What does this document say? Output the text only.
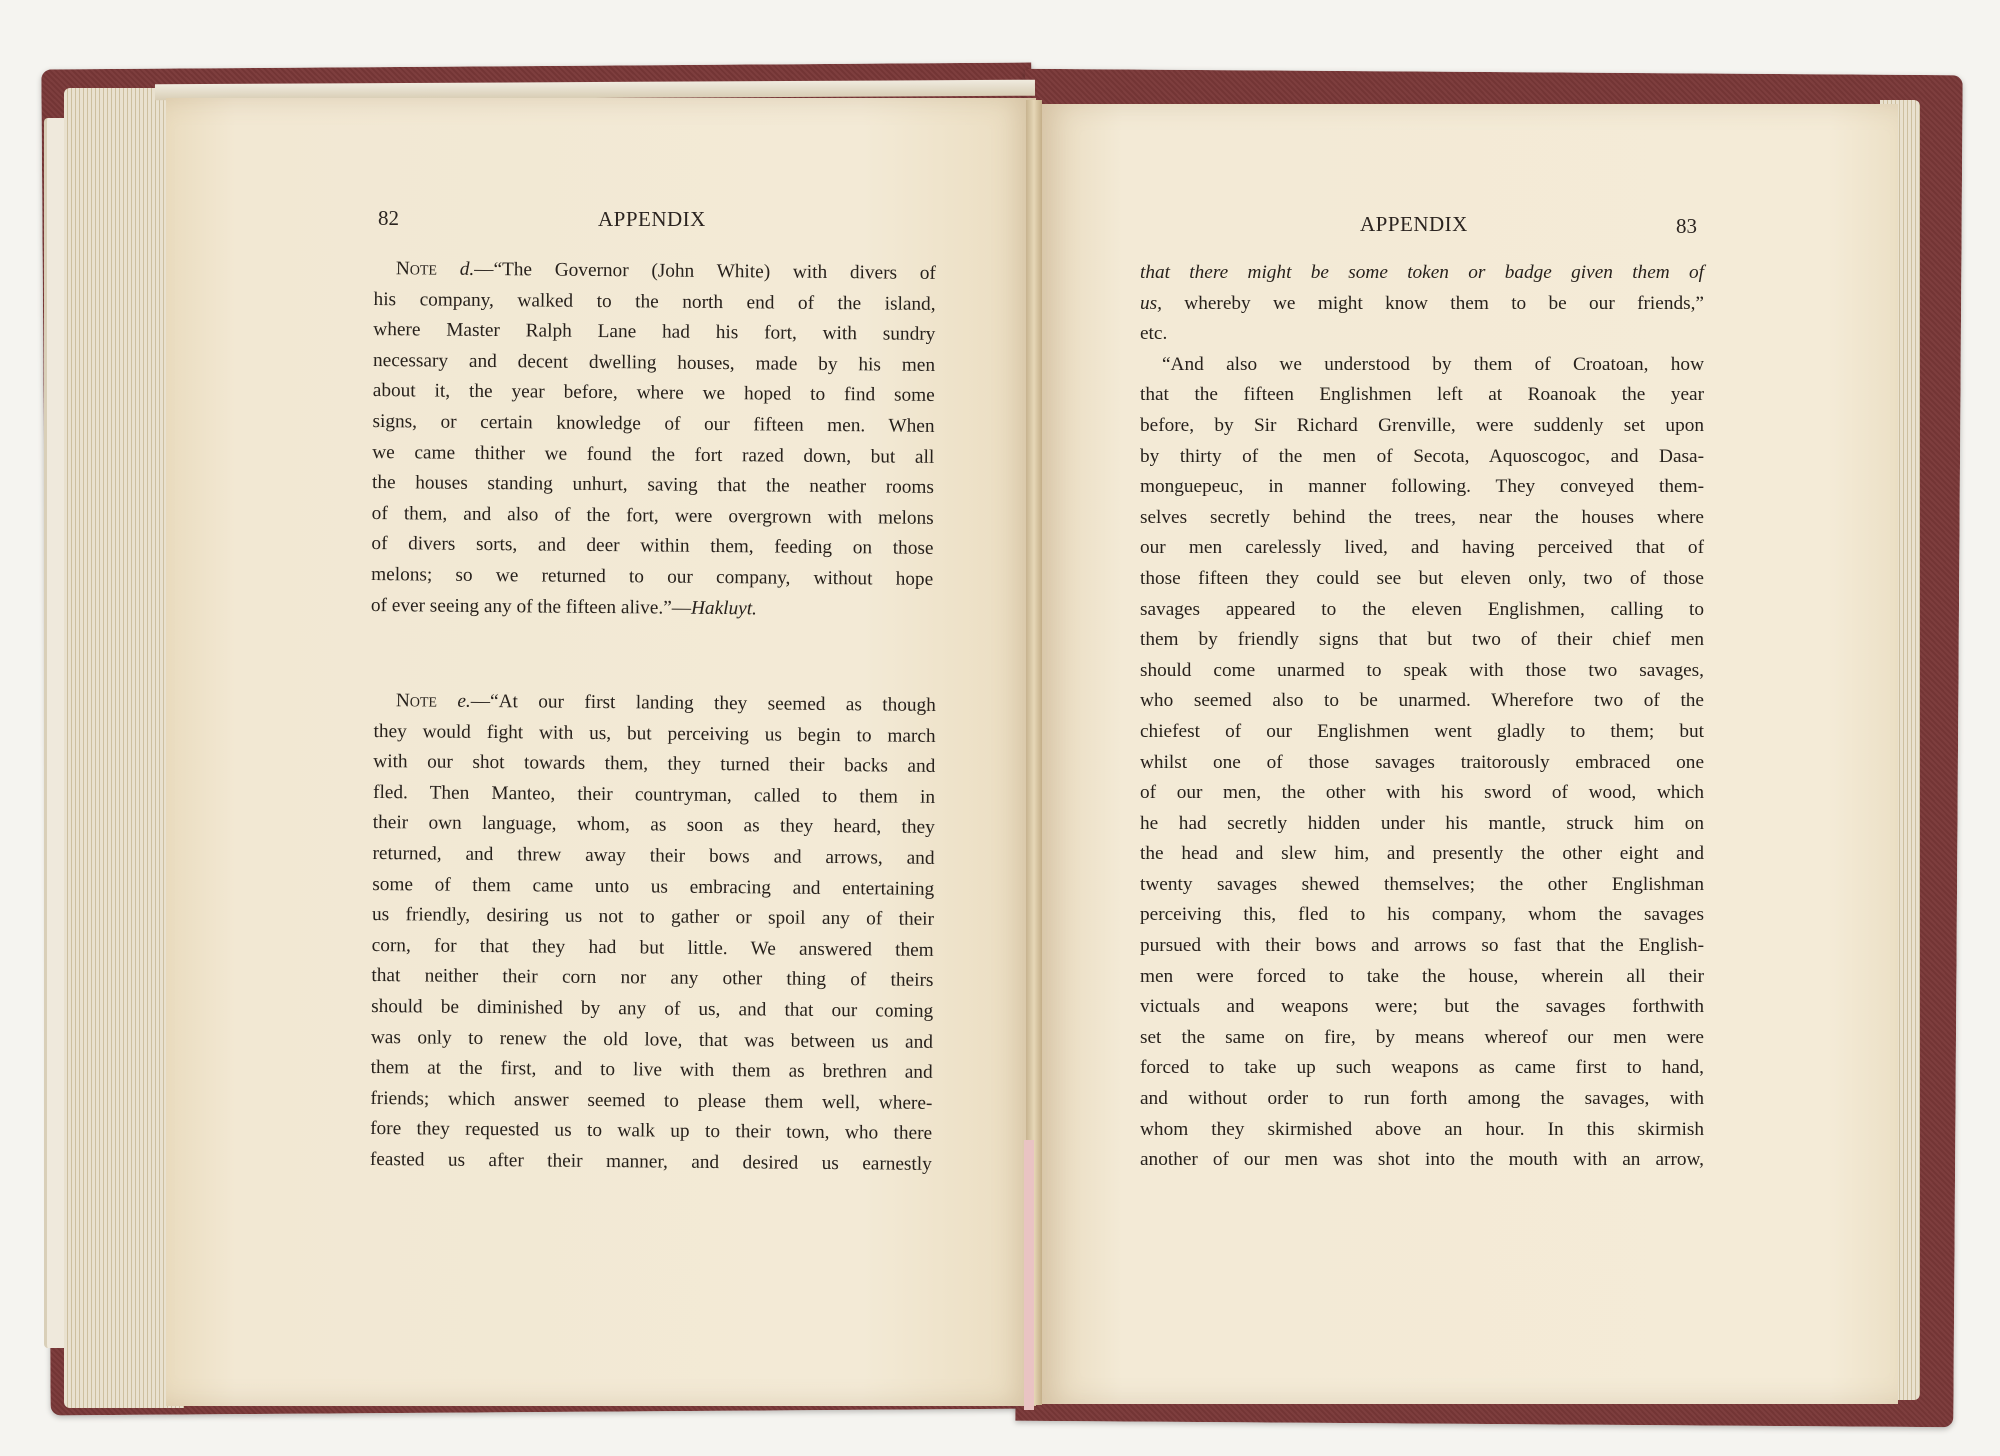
82	APPENDIX	APPENDIX	83
Note d.—“The Governor (John White) with divers of
his company, walked to the north end of the island,
where Master Ralph Lane had his fort, with sundry
necessary and decent dwelling houses, made by his men
about it, the year before, where we hoped to find some
signs, or certain knowledge of our fifteen men. When
we came thither we found the fort razed down, but all
the houses standing unhurt, saving that the neather rooms
of them, and also of the fort, were overgrown with melons
of divers sorts, and deer within them, feeding on those
melons; so we returned to our company, without hope
of ever seeing any of the fifteen alive.”—Hakluyt.
Note e.—“At our first landing they seemed as though
they would fight with us, but perceiving us begin to march
with our shot towards them, they turned their backs and
fled. Then Manteo, their countryman, called to them in
their own language, whom, as soon as they heard, they
returned, and threw away their bows and arrows, and
some of them came unto us embracing and entertaining
us friendly, desiring us not to gather or spoil any of their
corn, for that they had but little. We answered them
that neither their corn nor any other thing of theirs
should be diminished by any of us, and that our coming
was only to renew the old love, that was between us and
them at the first, and to live with them as brethren and
friends; which answer seemed to please them well, where-
fore they requested us to walk up to their town, who there
feasted us after their manner, and desired us earnestly
that there might be some token or badge given them of
us, whereby we might know them to be our friends,”
etc.
“And also we understood by them of Croatoan, how
that the fifteen Englishmen left at Roanoak the year
before, by Sir Richard Grenville, were suddenly set upon
by thirty of the men of Secota, Aquoscogoc, and Dasa-
monguepeuc, in manner following. They conveyed them-
selves secretly behind the trees, near the houses where
our men carelessly lived, and having perceived that of
those fifteen they could see but eleven only, two of those
savages appeared to the eleven Englishmen, calling to
them by friendly signs that but two of their chief men
should come unarmed to speak with those two savages,
who seemed also to be unarmed. Wherefore two of the
chiefest of our Englishmen went gladly to them; but
whilst one of those savages traitorously embraced one
of our men, the other with his sword of wood, which
he had secretly hidden under his mantle, struck him on
the head and slew him, and presently the other eight and
twenty savages shewed themselves; the other Englishman
perceiving this, fled to his company, whom the savages
pursued with their bows and arrows so fast that the English-
men were forced to take the house, wherein all their
victuals and weapons were; but the savages forthwith
set the same on fire, by means whereof our men were
forced to take up such weapons as came first to hand,
and without order to run forth among the savages, with
whom they skirmished above an hour. In this skirmish
another of our men was shot into the mouth with an arrow,
